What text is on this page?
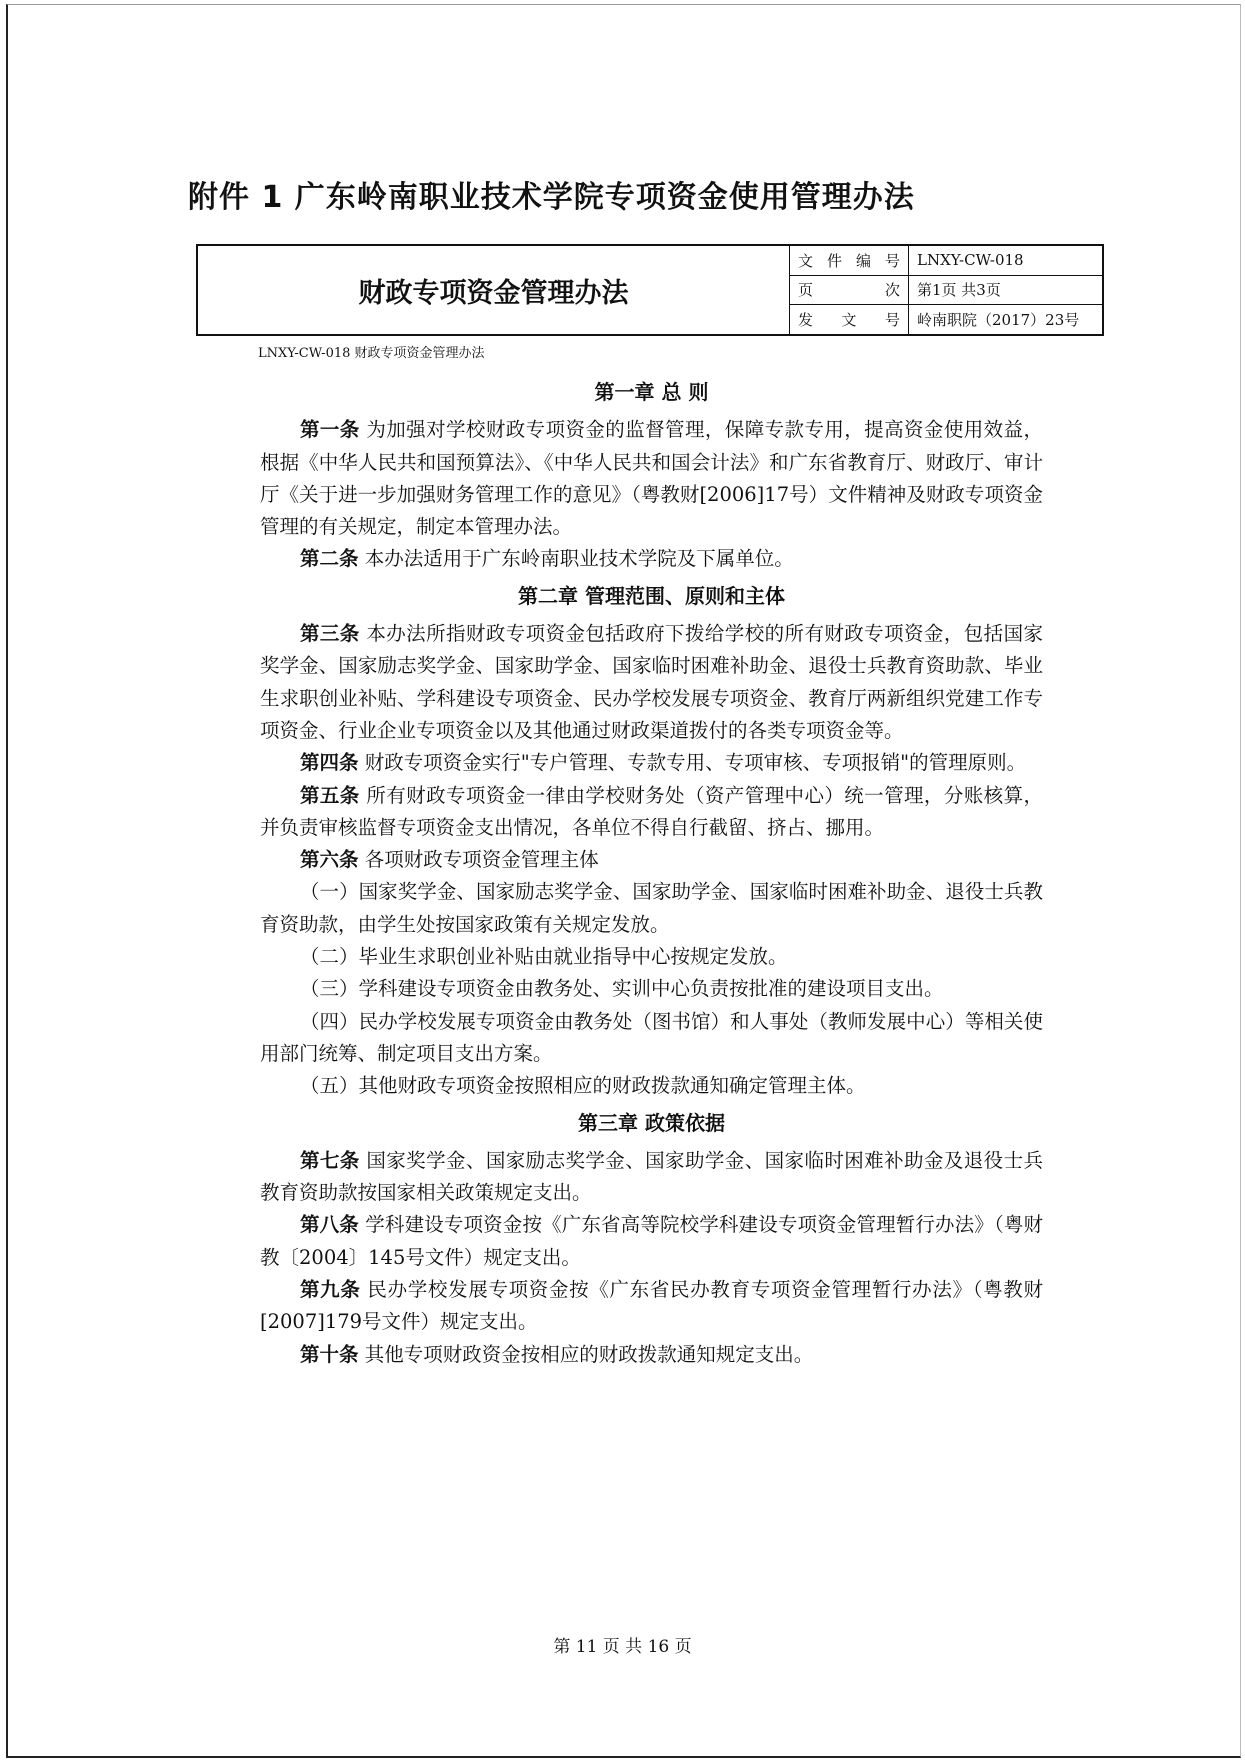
附件 1 广东岭南职业技术学院专项资金使用管理办法
财政专项资金管理办法
文件编号	LNXY-CW-018
页次	第1页 共3页
发文号	岭南职院（2017）23号
LNXY-CW-018 财政专项资金管理办法
第一章 总 则

第一条 为加强对学校财政专项资金的监督管理，保障专款专用，提高资金使用效益，根据《中华人民共和国预算法》、《中华人民共和国会计法》和广东省教育厅、财政厅、审计厅《关于进一步加强财务管理工作的意见》（粤教财[2006]17号）文件精神及财政专项资金管理的有关规定，制定本管理办法。

第二条 本办法适用于广东岭南职业技术学院及下属单位。

第二章 管理范围、原则和主体

第三条 本办法所指财政专项资金包括政府下拨给学校的所有财政专项资金，包括国家奖学金、国家励志奖学金、国家助学金、国家临时困难补助金、退役士兵教育资助款、毕业生求职创业补贴、学科建设专项资金、民办学校发展专项资金、教育厅两新组织党建工作专项资金、行业企业专项资金以及其他通过财政渠道拨付的各类专项资金等。

第四条 财政专项资金实行"专户管理、专款专用、专项审核、专项报销"的管理原则。

第五条 所有财政专项资金一律由学校财务处（资产管理中心）统一管理，分账核算，并负责审核监督专项资金支出情况，各单位不得自行截留、挤占、挪用。

第六条 各项财政专项资金管理主体

（一）国家奖学金、国家励志奖学金、国家助学金、国家临时困难补助金、退役士兵教育资助款，由学生处按国家政策有关规定发放。

（二）毕业生求职创业补贴由就业指导中心按规定发放。

（三）学科建设专项资金由教务处、实训中心负责按批准的建设项目支出。

（四）民办学校发展专项资金由教务处（图书馆）和人事处（教师发展中心）等相关使用部门统筹、制定项目支出方案。

（五）其他财政专项资金按照相应的财政拨款通知确定管理主体。

第三章 政策依据

第七条 国家奖学金、国家励志奖学金、国家助学金、国家临时困难补助金及退役士兵教育资助款按国家相关政策规定支出。

第八条 学科建设专项资金按《广东省高等院校学科建设专项资金管理暂行办法》（粤财教〔2004〕145号文件）规定支出。

第九条 民办学校发展专项资金按《广东省民办教育专项资金管理暂行办法》（粤教财[2007]179号文件）规定支出。

第十条 其他专项财政资金按相应的财政拨款通知规定支出。

第 11 页 共 16 页
